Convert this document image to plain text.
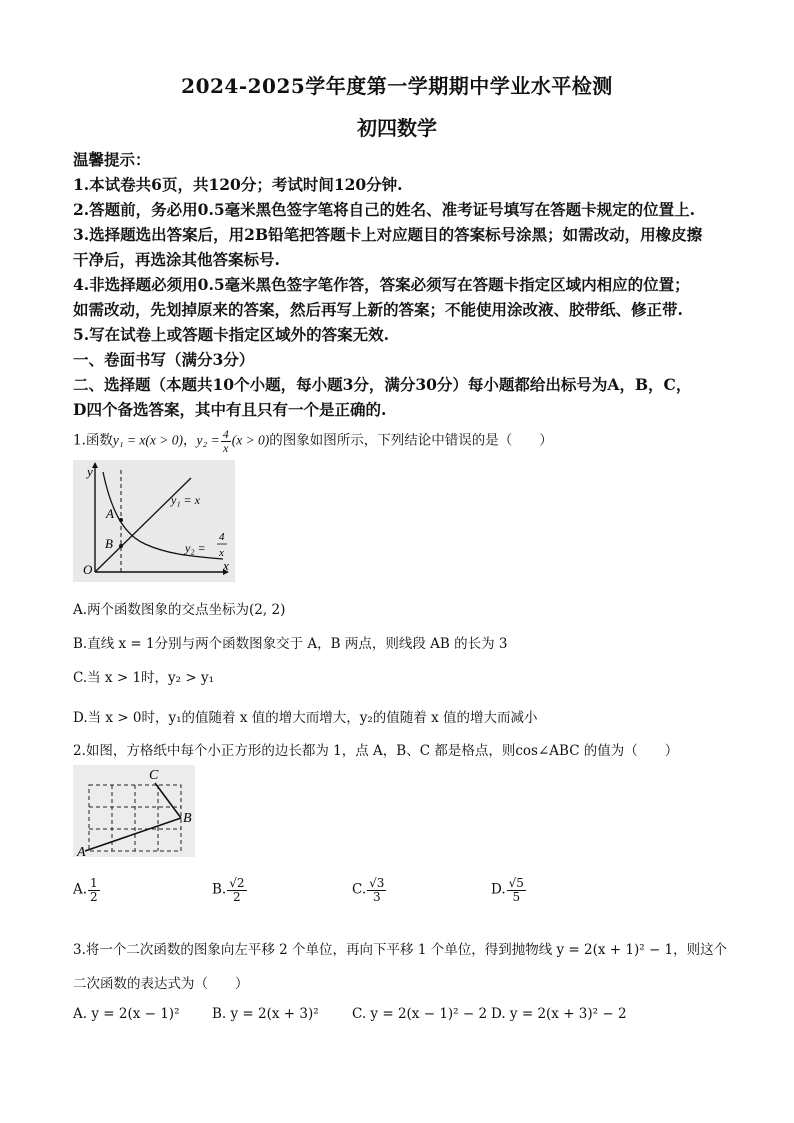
2024-2025学年度第一学期期中学业水平检测
初四数学
温馨提示：
1.本试卷共6页，共120分；考试时间120分钟.
2.答题前，务必用0.5毫米黑色签字笔将自己的姓名、准考证号填写在答题卡规定的位置上.
3.选择题选出答案后，用2B铅笔把答题卡上对应题目的答案标号涂黑；如需改动，用橡皮擦
干净后，再选涂其他答案标号.
4.非选择题必须用0.5毫米黑色签字笔作答，答案必须写在答题卡指定区域内相应的位置；
如需改动，先划掉原来的答案，然后再写上新的答案；不能使用涂改液、胶带纸、修正带.
5.写在试卷上或答题卡指定区域外的答案无效.
一、卷面书写（满分3分）
二、选择题（本题共10个小题，每小题3分，满分30分）每小题都给出标号为A，B，C，
D四个备选答案，其中有且只有一个是正确的.
1.函数y₁ = x(x > 0)，$y_2 = \frac{4}{x} (x > 0)$的图象如图所示，下列结论中错误的是（　　）
y
x
O
A
B
y₁ = x
y₂ =
4
x
A.两个函数图象的交点坐标为(2, 2)
B.直线 x = 1分别与两个函数图象交于 A，B 两点，则线段 AB 的长为 3
C.当 x > 1时，y₂ > y₁
D.当 x > 0时，y₁的值随着 x 值的增大而增大，y₂的值随着 x 值的增大而减小
2.如图，方格纸中每个小正方形的边长都为 1，点 A，B、C 都是格点，则cos∠ABC 的值为（　　）
A
B
C
A. $\frac{1}{2}$	B. $\frac{√2}{2}$	C. $\frac{√3}{3}$	D. $\frac{√5}{5}$
3.将一个二次函数的图象向左平移 2 个单位，再向下平移 1 个单位，得到抛物线 y = 2(x + 1)² − 1，则这个
二次函数的表达式为（　　）
A. y = 2(x − 1)² B. y = 2(x + 3)² C. y = 2(x − 1)² − 2 D. y = 2(x + 3)² − 2
